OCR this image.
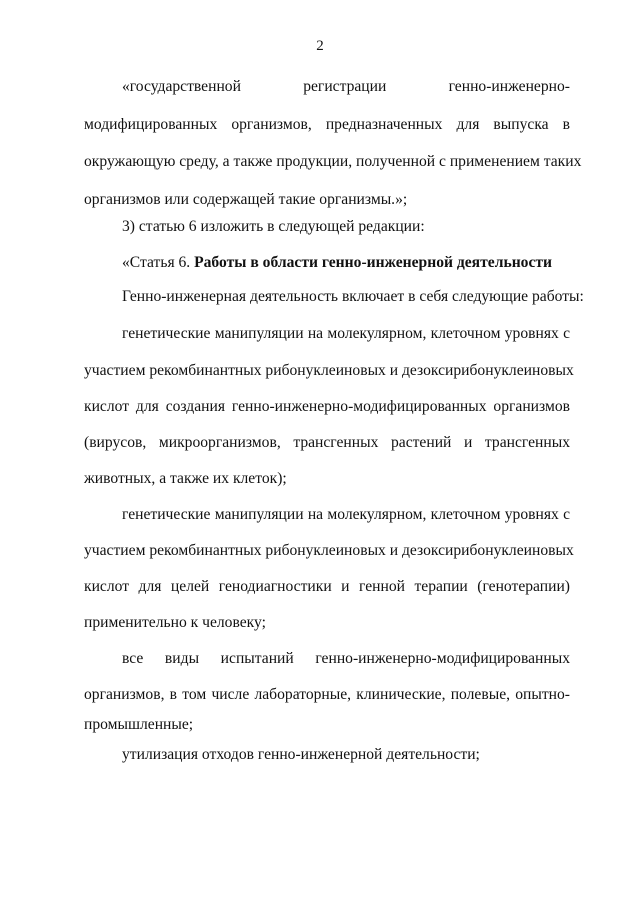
2
«государственной регистрации генно-инженерно-
модифицированных организмов, предназначенных для выпуска в
окружающую среду, а также продукции, полученной с применением таких
организмов или содержащей такие организмы.»;
3) статью 6 изложить в следующей редакции:
«Статья 6. Работы в области генно-инженерной деятельности
Генно-инженерная деятельность включает в себя следующие работы:
генетические манипуляции на молекулярном, клеточном уровнях с
участием рекомбинантных рибонуклеиновых и дезоксирибонуклеиновых
кислот для создания генно-инженерно-модифицированных организмов
(вирусов, микроорганизмов, трансгенных растений и трансгенных
животных, а также их клеток);
генетические манипуляции на молекулярном, клеточном уровнях с
участием рекомбинантных рибонуклеиновых и дезоксирибонуклеиновых
кислот для целей генодиагностики и генной терапии (генотерапии)
применительно к человеку;
все виды испытаний генно-инженерно-модифицированных
организмов, в том числе лабораторные, клинические, полевые, опытно-
промышленные;
утилизация отходов генно-инженерной деятельности;
